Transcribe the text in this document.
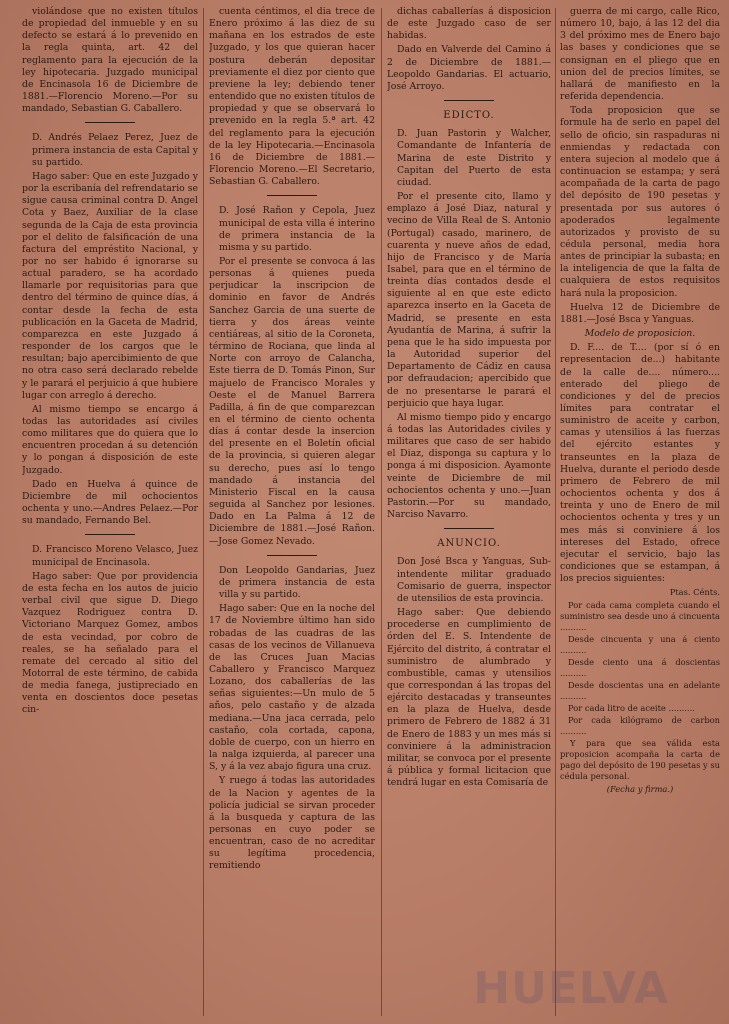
violándose que no existen títulos de propiedad del inmueble y en su defecto se estará á lo prevenido en la regla quinta, art. 42 del reglamento para la ejecución de la ley hipotecaria. Juzgado municipal de Encinasola 16 de Diciembre de 1881.—Florencio Moreno.—Por su mandado, Sebastian G. Caballero.

D. Andrés Pelaez Perez, Juez de primera instancia de esta Capital y su partido.

Hago saber: Que en este Juzgado y por la escribanía del refrendatario se sigue causa criminal contra D. Angel Cota y Baez, Auxiliar de la clase segunda de la Caja de esta provincia por el delito de falsificación de una factura del empréstito Nacional, y por no ser habido é ignorarse su actual paradero, se ha acordado llamarle por requisitorias para que dentro del término de quince días, á contar desde la fecha de esta publicación en la Gaceta de Madrid, comparezca en este Juzgado á responder de los cargos que le resultan; bajo apercibimiento de que no otra caso será declarado rebelde y le parará el perjuicio á que hubiere lugar con arreglo á derecho.

Al mismo tiempo se encargo á todas las autoridades así civiles como militares que do quiera que lo encuentren procedan á su detención y lo pongan á disposición de este Juzgado.

Dado en Huelva á quince de Diciembre de mil ochocientos ochenta y uno.—Andres Pelaez.—Por su mandado, Fernando Bel.

D. Francisco Moreno Velasco, Juez municipal de Encinasola.

Hago saber: Que por providencia de esta fecha en los autos de juicio verbal civil que sigue D. Diego Vazquez Rodriguez contra D. Victoriano Marquez Gomez, ambos de esta vecindad, por cobro de reales, se ha señalado para el remate del cercado al sitio del Motorral de este término, de cabida de media fanega, justipreciado en venta en doscientos doce pesetas cin-

cuenta céntimos, el dia trece de Enero próximo á las diez de su mañana en los estrados de este Juzgado, y los que quieran hacer postura deberán depositar previamente el diez por ciento que previene la ley; debiendo tener entendido que no existen títulos de propiedad y que se observará lo prevenido en la regla 5.ª art. 42 del reglamento para la ejecución de la ley Hipotecaria.—Encinasola 16 de Diciembre de 1881.—Florencio Moreno.—El Secretario, Sebastian G. Caballero.

D. José Rañon y Cepola, Juez municipal de esta villa é interino de primera instancia de la misma y su partido.

Por el presente se convoca á las personas á quienes pueda perjudicar la inscripcion de dominio en favor de Andrés Sanchez Garcia de una suerte de tierra y dos áreas veinte centiáreas, al sitio de la Coroneta, término de Rociana, que linda al Norte con arroyo de Calancha, Este tierra de D. Tomás Pinon, Sur majuelo de Francisco Morales y Oeste el de Manuel Barrera Padilla, á fin de que comparezcan en el término de ciento ochenta días á contar desde la insercion del presente en el Boletín oficial de la provincia, si quieren alegar su derecho, pues así lo tengo mandado á instancia del Ministerio Fiscal en la causa seguida al Sanchez por lesiones. Dado en La Palma á 12 de Diciembre de 1881.—José Rañon.—Jose Gomez Nevado.

Don Leopoldo Gandarias, Juez de primera instancia de esta villa y su partido.

Hago saber: Que en la noche del 17 de Noviembre último han sido robadas de las cuadras de las casas de los vecinos de Villanueva de las Cruces Juan Macias Caballero y Francisco Marquez Lozano, dos caballerías de las señas siguientes:—Un mulo de 5 años, pelo castaño y de alzada mediana.—Una jaca cerrada, pelo castaño, cola cortada, capona, doble de cuerpo, con un hierro en la nalga izquierda, al parecer una S, y á la vez abajo figura una cruz.

Y ruego á todas las autoridades de la Nacion y agentes de la policía judicial se sirvan proceder á la busqueda y captura de las personas en cuyo poder se encuentran, caso de no acreditar su legítima procedencia, remitiendo

dichas caballerías á disposicion de este Juzgado caso de ser habidas.

Dado en Valverde del Camino á 2 de Diciembre de 1881.—Leopoldo Gandarias. El actuario, José Arroyo.

EDICTO.

D. Juan Pastorin y Walcher, Comandante de Infantería de Marina de este Distrito y Capitan del Puerto de esta ciudad.

Por el presente cito, llamo y emplazo á José Diaz, natural y vecino de Villa Real de S. Antonio (Portugal) casado, marinero, de cuarenta y nueve años de edad, hijo de Francisco y de María Isabel, para que en el término de treinta días contados desde el siguiente al en que este edicto aparezca inserto en la Gaceta de Madrid, se presente en esta Ayudantía de Marina, á sufrir la pena que le ha sido impuesta por la Autoridad superior del Departamento de Cádiz en causa por defraudacion; apercibido que de no presentarse le parará el perjuicio que haya lugar.

Al mismo tiempo pido y encargo á todas las Autoridades civiles y militares que caso de ser habido el Diaz, disponga su captura y lo ponga á mi disposicion. Ayamonte veinte de Diciembre de mil ochocientos ochenta y uno.—Juan Pastorin.—Por su mandado, Narciso Navarro.

ANUNCIO.

Don José Bsca y Yanguas, Sub-intendente militar graduado Comisario de guerra, inspector de utensilios de esta provincia.

Hago saber: Que debiendo procederse en cumplimiento de órden del E. S. Intendente de Ejército del distrito, á contratar el suministro de alumbrado y combustible, camas y utensilios que correspondan á las tropas del ejército destacadas y transeuntes en la plaza de Huelva, desde primero de Febrero de 1882 á 31 de Enero de 1883 y un mes más si conviniere á la administracion militar, se convoca por el presente á pública y formal licitacion que tendrá lugar en esta Comisaría de

guerra de mi cargo, calle Rico, número 10, bajo, á las 12 del dia 3 del próximo mes de Enero bajo las bases y condiciones que se consignan en el pliego que en union del de precios límites, se hallará de manifiesto en la referida dependencia.

Toda proposicion que se formule ha de serlo en papel del sello de oficio, sin raspaduras ni enmiendas y redactada con entera sujecion al modelo que á continuacion se estampa; y será acompañada de la carta de pago del depósito de 190 pesetas y presentada por sus autores ó apoderados legalmente autorizados y provisto de su cédula personal, media hora antes de principiar la subasta; en la inteligencia de que la falta de cualquiera de estos requisitos hará nula la proposicion.

Huelva 12 de Diciembre de 1881.—José Bsca y Yanguas.

Modelo de proposicion.

D. F.... de T.... (por sí ó en representacion de...) habitante de la calle de.... número.... enterado del pliego de condiciones y del de precios límites para contratar el suministro de aceite y carbon, camas y utensilios á las fuerzas del ejército estantes y transeuntes en la plaza de Huelva, durante el periodo desde primero de Febrero de mil ochocientos ochenta y dos á treinta y uno de Enero de mil ochocientos ochenta y tres y un mes más si conviniere á los intereses del Estado, ofrece ejecutar el servicio, bajo las condiciones que se estampan, á los precios siguientes:

Ptas. Cénts.

Por cada cama completa cuando el suministro sea desde uno á cincuenta ..........
Desde cincuenta y una á ciento ..........
Desde ciento una á doscientas ..........
Desde doscientas una en adelante ..........
Por cada litro de aceite ..........
Por cada kilógramo de carbon ..........

Y para que sea válida esta proposicion acompaña la carta de pago del depósito de 190 pesetas y su cédula personal.

(Fecha y firma.)

HUELVA
